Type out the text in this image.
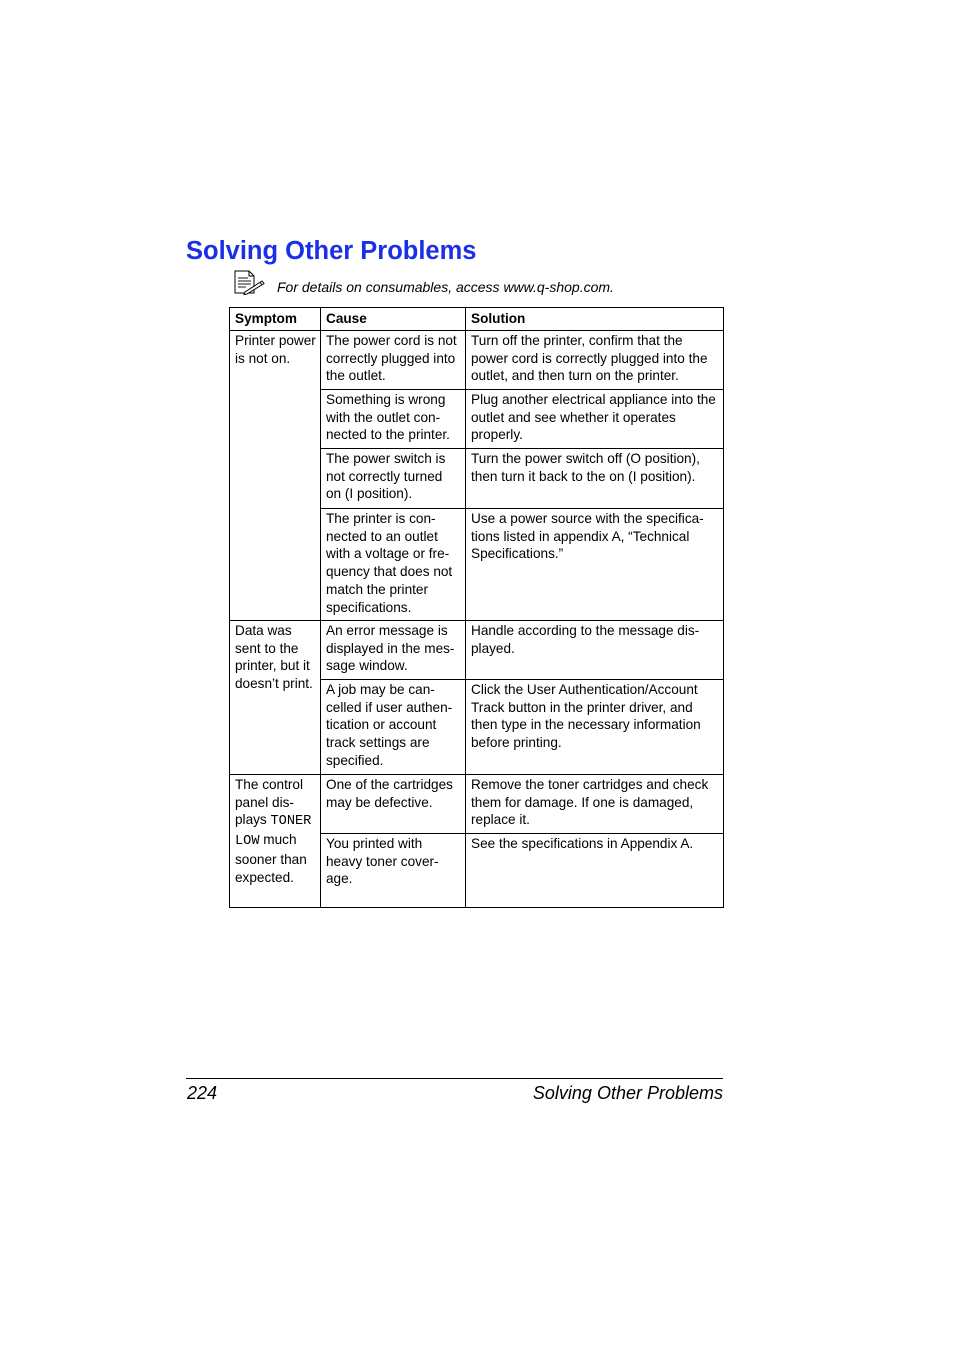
Solving Other Problems
For details on consumables, access www.q-shop.com.
Symptom	Cause	Solution
Printer power is not on.	The power cord is not correctly plugged into the outlet.	Turn off the printer, confirm that the power cord is correctly plugged into the outlet, and then turn on the printer.
	Something is wrong with the outlet con-nected to the printer.	Plug another electrical appliance into the outlet and see whether it operates properly.
	The power switch is not correctly turned on (I position).	Turn the power switch off (O position), then turn it back to the on (I position).
	The printer is con-nected to an outlet with a voltage or fre-quency that does not match the printer specifications.	Use a power source with the specifica-tions listed in appendix A, “Technical Specifications.”
Data was sent to the printer, but it doesn’t print.	An error message is displayed in the mes-sage window.	Handle according to the message dis-played.
	A job may be can-celled if user authen-tication or account track settings are specified.	Click the User Authentication/Account Track button in the printer driver, and then type in the necessary information before printing.
The control panel dis-plays TONER LOW much sooner than expected.	One of the cartridges may be defective.	Remove the toner cartridges and check them for damage. If one is damaged, replace it.
	You printed with heavy toner cover-age.	See the specifications in Appendix A.
224	Solving Other Problems
